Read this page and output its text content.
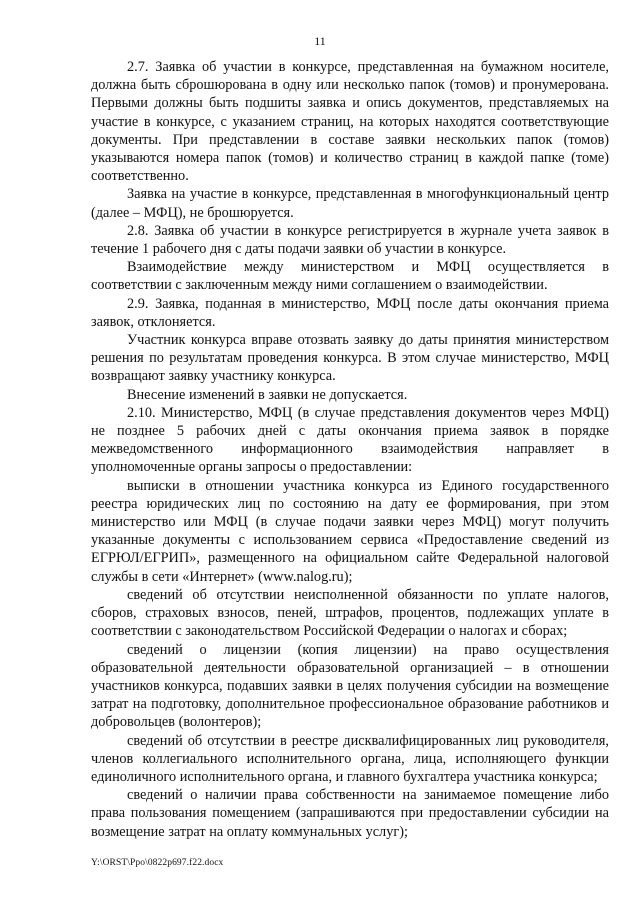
11

2.7. Заявка об участии в конкурсе, представленная на бумажном носителе, должна быть сброшюрована в одну или несколько папок (томов) и пронумерована. Первыми должны быть подшиты заявка и опись документов, представляемых на участие в конкурсе, с указанием страниц, на которых находятся соответствующие документы. При представлении в составе заявки нескольких папок (томов) указываются номера папок (томов) и количество страниц в каждой папке (томе) соответственно.

Заявка на участие в конкурсе, представленная в многофункциональный центр (далее – МФЦ), не брошюруется.

2.8. Заявка об участии в конкурсе регистрируется в журнале учета заявок в течение 1 рабочего дня с даты подачи заявки об участии в конкурсе.

Взаимодействие между министерством и МФЦ осуществляется в соответствии с заключенным между ними соглашением о взаимодействии.

2.9. Заявка, поданная в министерство, МФЦ после даты окончания приема заявок, отклоняется.

Участник конкурса вправе отозвать заявку до даты принятия министерством решения по результатам проведения конкурса. В этом случае министерство, МФЦ возвращают заявку участнику конкурса.

Внесение изменений в заявки не допускается.

2.10. Министерство, МФЦ (в случае представления документов через МФЦ) не позднее 5 рабочих дней с даты окончания приема заявок в порядке межведомственного информационного взаимодействия направляет в уполномоченные органы запросы о предоставлении:

выписки в отношении участника конкурса из Единого государственного реестра юридических лиц по состоянию на дату ее формирования, при этом министерство или МФЦ (в случае подачи заявки через МФЦ) могут получить указанные документы с использованием сервиса «Предоставление сведений из ЕГРЮЛ/ЕГРИП», размещенного на официальном сайте Федеральной налоговой службы в сети «Интернет» (www.nalog.ru);

сведений об отсутствии неисполненной обязанности по уплате налогов, сборов, страховых взносов, пеней, штрафов, процентов, подлежащих уплате в соответствии с законодательством Российской Федерации о налогах и сборах;

сведений о лицензии (копия лицензии) на право осуществления образовательной деятельности образовательной организацией – в отношении участников конкурса, подавших заявки в целях получения субсидии на возмещение затрат на подготовку, дополнительное профессиональное образование работников и добровольцев (волонтеров);

сведений об отсутствии в реестре дисквалифицированных лиц руководителя, членов коллегиального исполнительного органа, лица, исполняющего функции единоличного исполнительного органа, и главного бухгалтера участника конкурса;

сведений о наличии права собственности на занимаемое помещение либо права пользования помещением (запрашиваются при предоставлении субсидии на возмещение затрат на оплату коммунальных услуг);

Y:\ORST\Ppo\0822p697.f22.docx
